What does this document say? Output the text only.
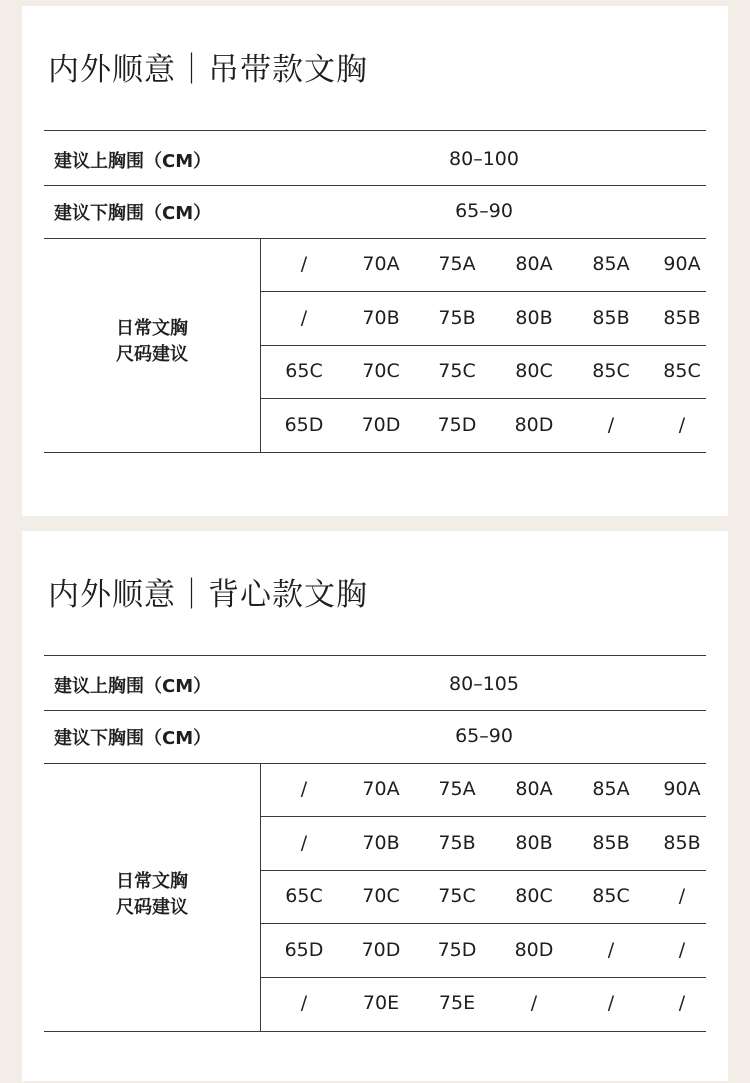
内外顺意｜吊带款文胸
建议上胸围（CM）	80–100
建议下胸围（CM）	65–90
日常文胸
尺码建议
/	70A	75A	80A	85A	90A
/	70B	75B	80B	85B	85B
65C	70C	75C	80C	85C	85C
65D	70D	75D	80D	/	/
内外顺意｜背心款文胸
建议上胸围（CM）	80–105
建议下胸围（CM）	65–90
日常文胸
尺码建议
/	70A	75A	80A	85A	90A
/	70B	75B	80B	85B	85B
65C	70C	75C	80C	85C	/
65D	70D	75D	80D	/	/
/	70E	75E	/	/	/
